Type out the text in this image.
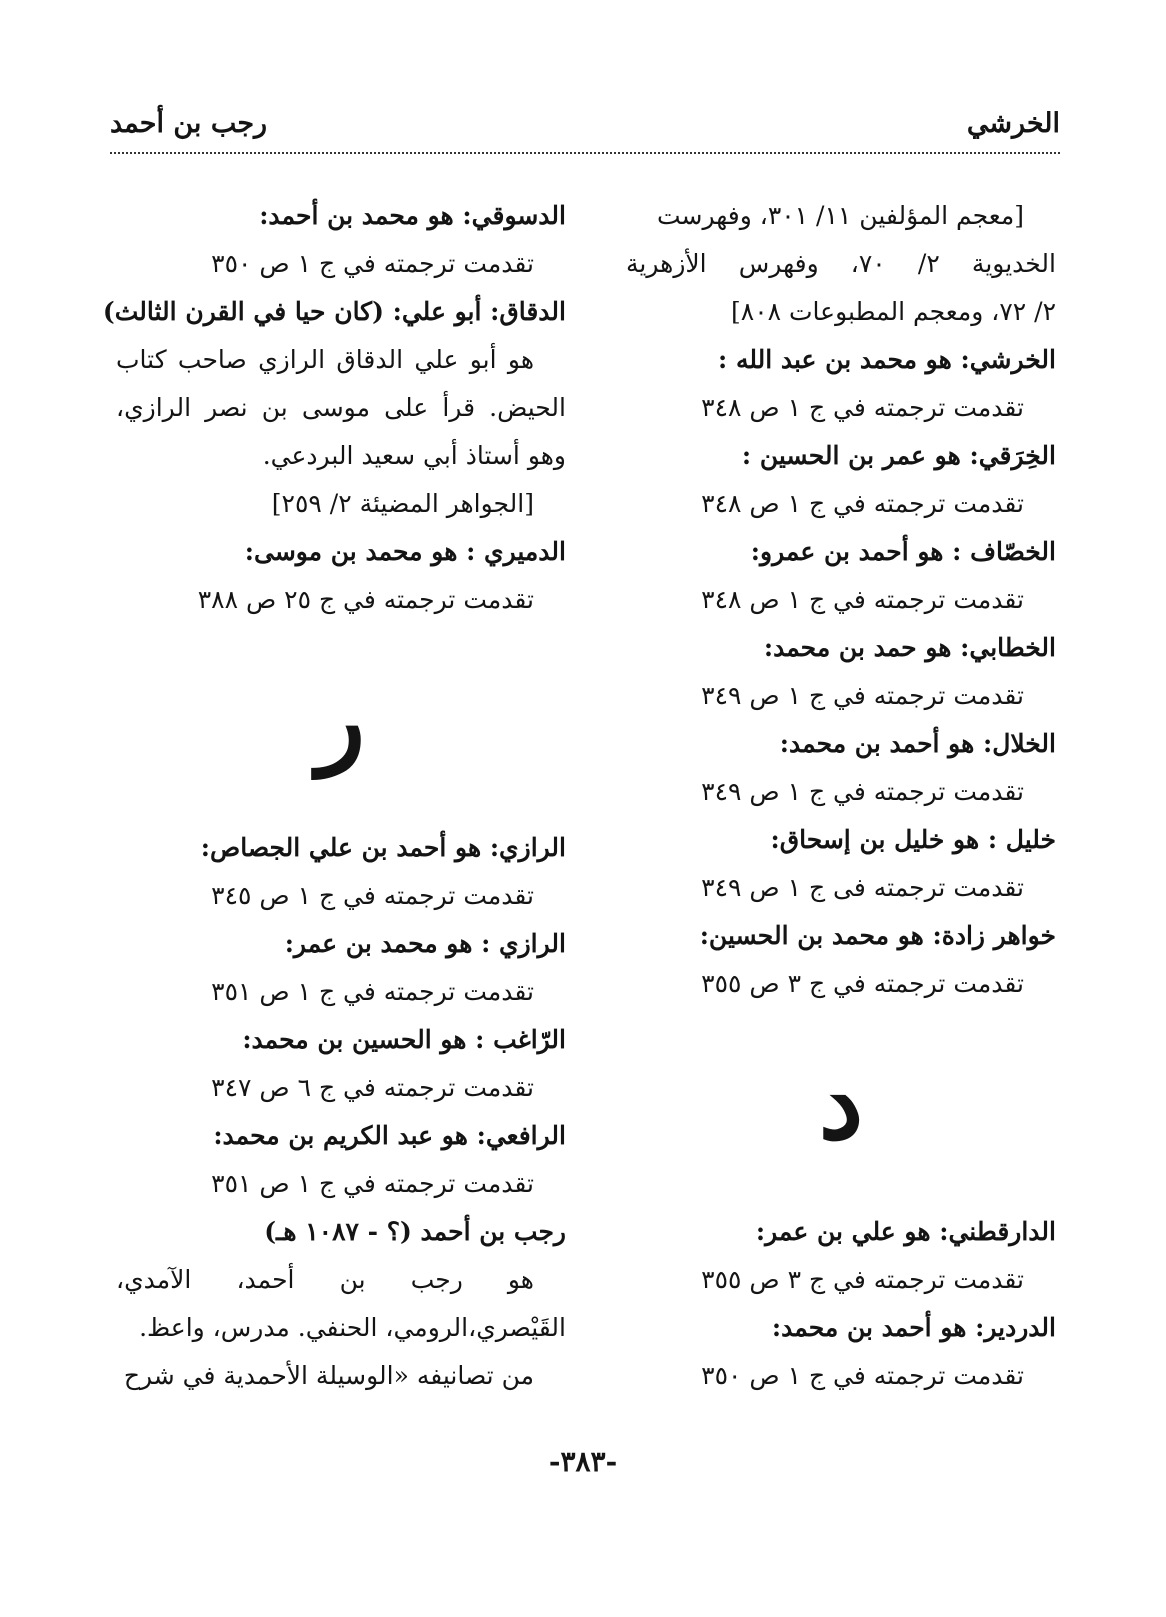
الخرشي
رجب بن أحمد
[معجم المؤلفين ١١/ ٣٠١، وفهرست
الخديوية ٢/ ٧٠، وفهرس الأزهرية
٢/ ٧٢، ومعجم المطبوعات ٨٠٨]
الخرشي: هو محمد بن عبد الله :
تقدمت ترجمته في ج ١ ص ٣٤٨
الخِرَقي: هو عمر بن الحسين :
تقدمت ترجمته في ج ١ ص ٣٤٨
الخصّاف : هو أحمد بن عمرو:
تقدمت ترجمته في ج ١ ص ٣٤٨
الخطابي: هو حمد بن محمد:
تقدمت ترجمته في ج ١ ص ٣٤٩
الخلال: هو أحمد بن محمد:
تقدمت ترجمته في ج ١ ص ٣٤٩
خليل : هو خليل بن إسحاق:
تقدمت ترجمته فى ج ١ ص ٣٤٩
خواهر زادة: هو محمد بن الحسين:
تقدمت ترجمته في ج ٣ ص ٣٥٥
د
الدارقطني: هو علي بن عمر:
تقدمت ترجمته في ج ٣ ص ٣٥٥
الدردير: هو أحمد بن محمد:
تقدمت ترجمته في ج ١ ص ٣٥٠
الدسوقي: هو محمد بن أحمد:
تقدمت ترجمته في ج ١ ص ٣٥٠
الدقاق: أبو علي: (كان حيا في القرن الثالث)
هو أبو علي الدقاق الرازي صاحب كتاب
الحيض. قرأ على موسى بن نصر الرازي،
وهو أستاذ أبي سعيد البردعي.
[الجواهر المضيئة ٢/ ٢٥٩]
الدميري : هو محمد بن موسى:
تقدمت ترجمته في ج ٢٥ ص ٣٨٨
ر
الرازي: هو أحمد بن علي الجصاص:
تقدمت ترجمته في ج ١ ص ٣٤٥
الرازي : هو محمد بن عمر:
تقدمت ترجمته في ج ١ ص ٣٥١
الرّاغب : هو الحسين بن محمد:
تقدمت ترجمته في ج ٦ ص ٣٤٧
الرافعي: هو عبد الكريم بن محمد:
تقدمت ترجمته في ج ١ ص ٣٥١
رجب بن أحمد (؟ - ١٠٨٧ هـ)
هو رجب بن أحمد، الآمدي،
القَيْصري،الرومي، الحنفي. مدرس، واعظ.
من تصانيفه «الوسيلة الأحمدية في شرح
-٣٨٣-
